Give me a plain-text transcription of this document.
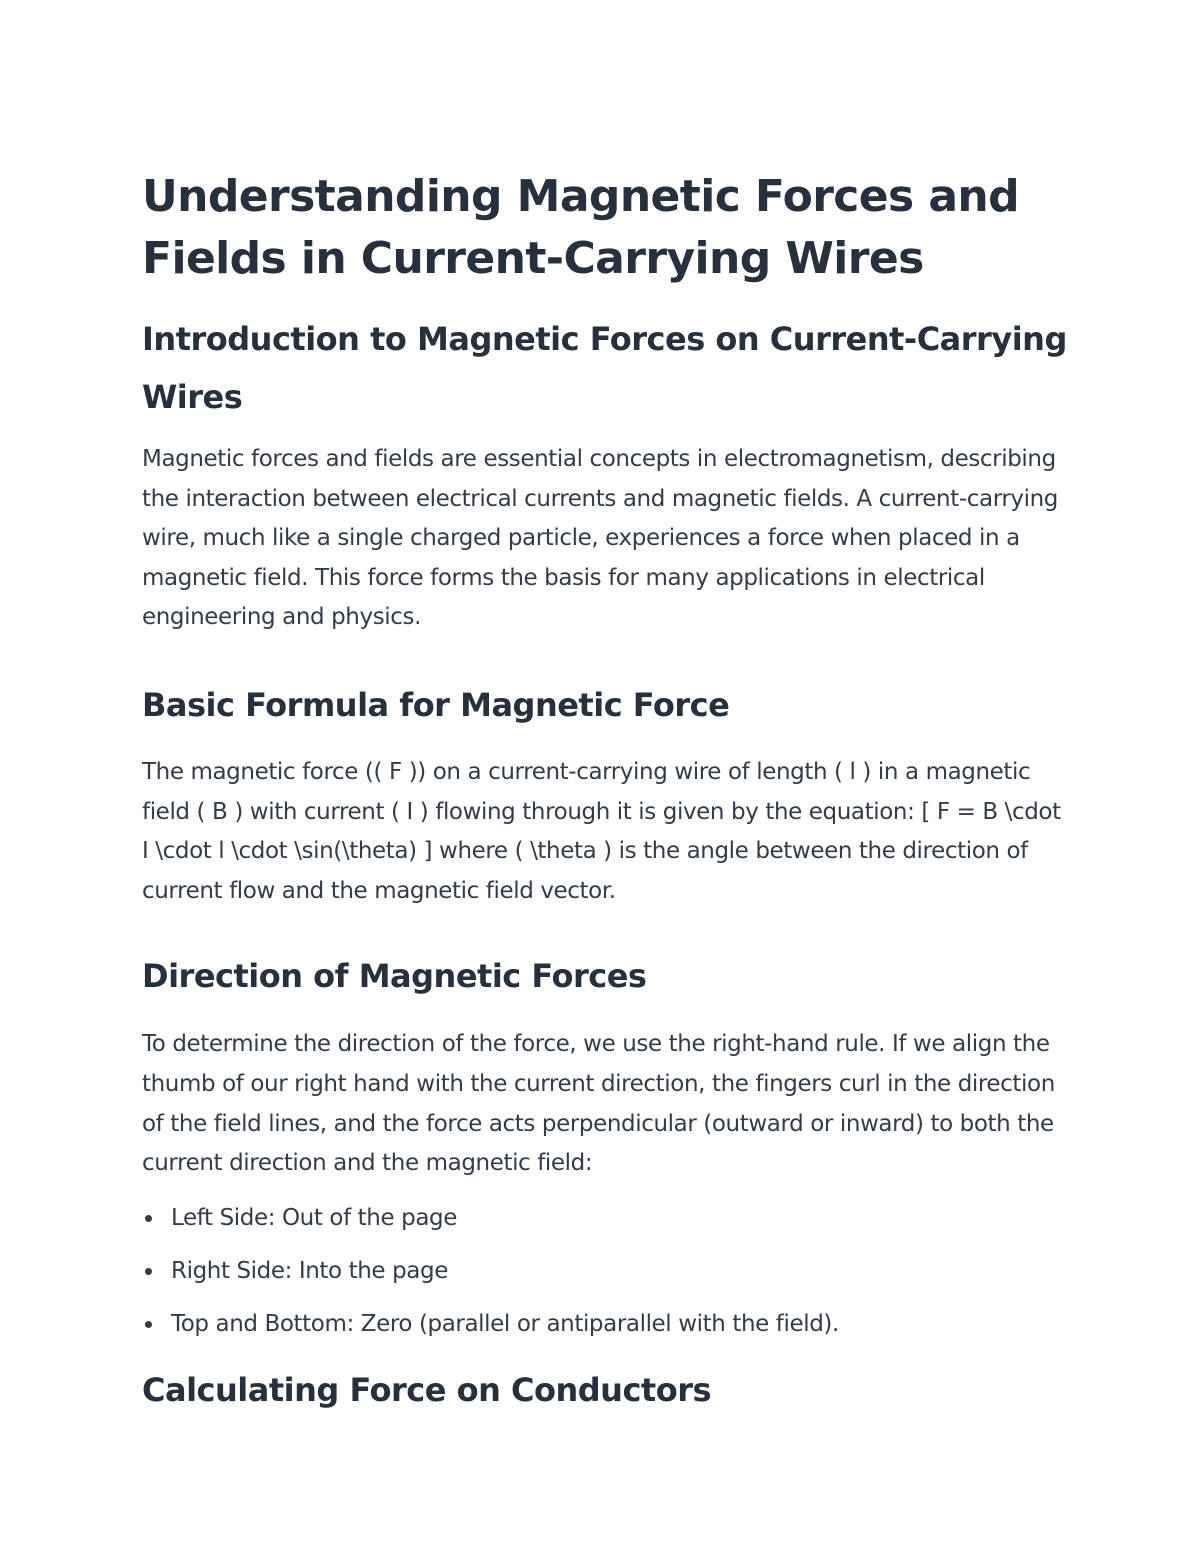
Understanding Magnetic Forces and Fields in Current-Carrying Wires
Introduction to Magnetic Forces on Current-Carrying Wires

Magnetic forces and fields are essential concepts in electromagnetism, describing the interaction between electrical currents and magnetic fields. A current-carrying wire, much like a single charged particle, experiences a force when placed in a magnetic field. This force forms the basis for many applications in electrical engineering and physics.

Basic Formula for Magnetic Force

The magnetic force (( F )) on a current-carrying wire of length ( l ) in a magnetic field ( B ) with current ( I ) flowing through it is given by the equation: [ F = B \cdot I \cdot l \cdot \sin(\theta) ] where ( \theta ) is the angle between the direction of current flow and the magnetic field vector.

Direction of Magnetic Forces

To determine the direction of the force, we use the right-hand rule. If we align the thumb of our right hand with the current direction, the fingers curl in the direction of the field lines, and the force acts perpendicular (outward or inward) to both the current direction and the magnetic field:

Left Side: Out of the page
Right Side: Into the page
Top and Bottom: Zero (parallel or antiparallel with the field).
Calculating Force on Conductors
